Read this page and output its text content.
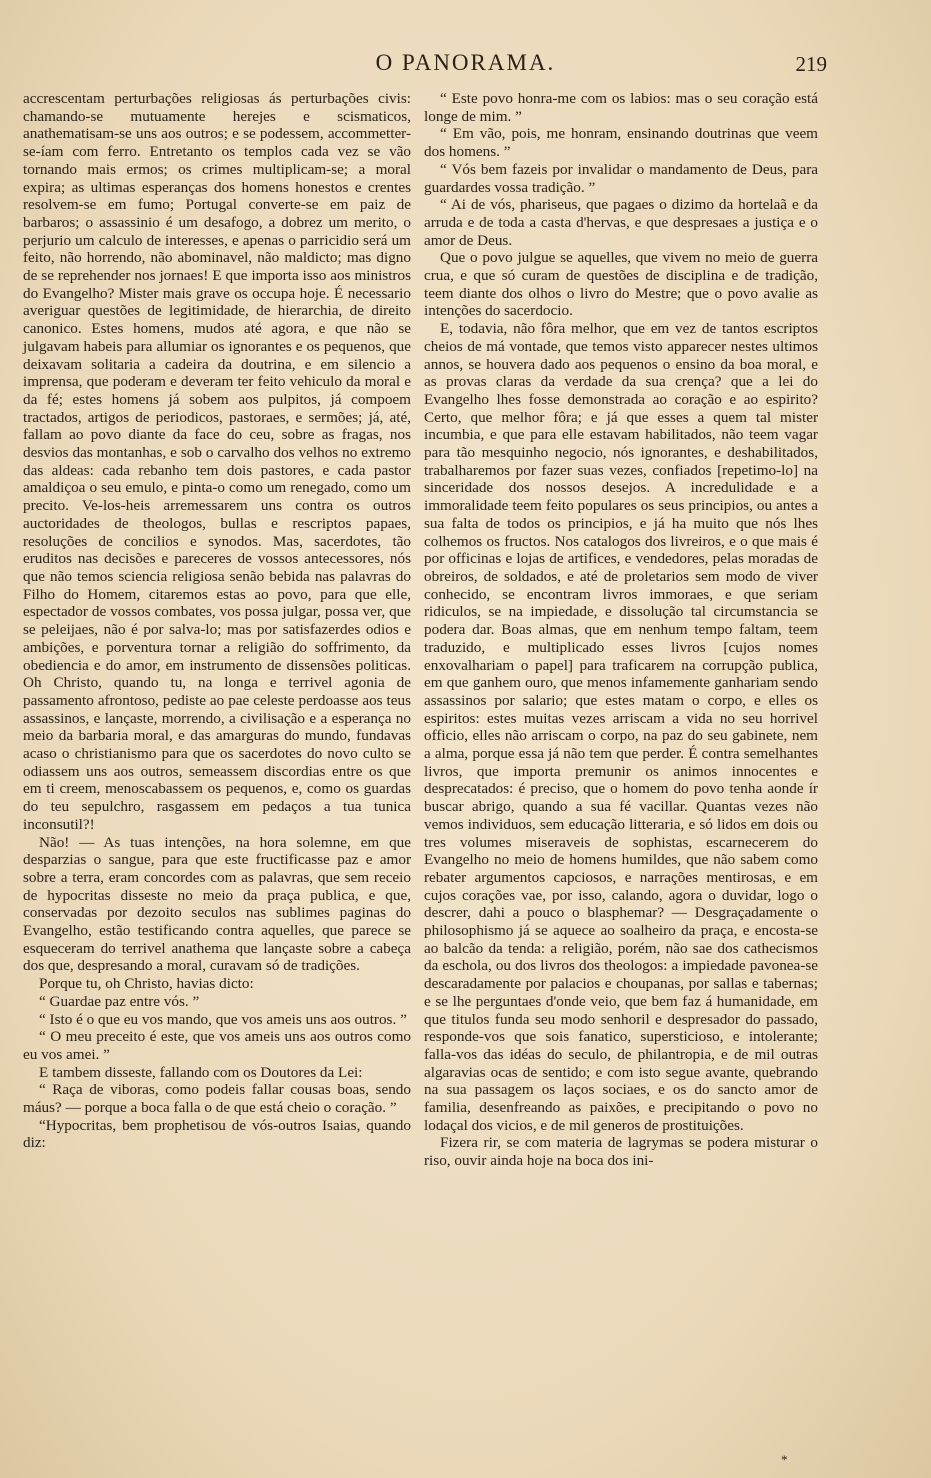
O PANORAMA.	219

accrescentam perturbações religiosas ás perturbações civis: chamando-se mutuamente herejes e scismaticos, anathematisam-se uns aos outros; e se podessem, accommetter-se-íam com ferro. Entretanto os templos cada vez se vão tornando mais ermos; os crimes multiplicam-se; a moral expira; as ultimas esperanças dos homens honestos e crentes resolvem-se em fumo; Portugal converte-se em paiz de barbaros; o assassinio é um desafogo, a dobrez um merito, o perjurio um calculo de interesses, e apenas o parricidio será um feito, não horrendo, não abominavel, não maldicto; mas digno de se reprehender nos jornaes! E que importa isso aos ministros do Evangelho? Mister mais grave os occupa hoje. É necessario averiguar questões de legitimidade, de hierarchia, de direito canonico. Estes homens, mudos até agora, e que não se julgavam habeis para allumiar os ignorantes e os pequenos, que deixavam solitaria a cadeira da doutrina, e em silencio a imprensa, que poderam e deveram ter feito vehiculo da moral e da fé; estes homens já sobem aos pulpitos, já compoem tractados, artigos de periodicos, pastoraes, e sermões; já, até, fallam ao povo diante da face do ceu, sobre as fragas, nos desvios das montanhas, e sob o carvalho dos velhos no extremo das aldeas: cada rebanho tem dois pastores, e cada pastor amaldiçoa o seu emulo, e pinta-o como um renegado, como um precito. Ve-los-heis arremessarem uns contra os outros auctoridades de theologos, bullas e rescriptos papaes, resoluções de concilios e synodos. Mas, sacerdotes, tão eruditos nas decisões e pareceres de vossos antecessores, nós que não temos sciencia religiosa senão bebida nas palavras do Filho do Homem, citaremos estas ao povo, para que elle, espectador de vossos combates, vos possa julgar, possa ver, que se peleijaes, não é por salva-lo; mas por satisfazerdes odios e ambições, e porventura tornar a religião do soffrimento, da obediencia e do amor, em instrumento de dissensões politicas. Oh Christo, quando tu, na longa e terrivel agonia de passamento afrontoso, pediste ao pae celeste perdoasse aos teus assassinos, e lançaste, morrendo, a civilisação e a esperança no meio da barbaria moral, e das amarguras do mundo, fundavas acaso o christianismo para que os sacerdotes do novo culto se odiassem uns aos outros, semeassem discordias entre os que em ti creem, menoscabassem os pequenos, e, como os guardas do teu sepulchro, rasgassem em pedaços a tua tunica inconsutil?!

Não! — As tuas intenções, na hora solemne, em que desparzias o sangue, para que este fructificasse paz e amor sobre a terra, eram concordes com as palavras, que sem receio de hypocritas disseste no meio da praça publica, e que, conservadas por dezoito seculos nas sublimes paginas do Evangelho, estão testificando contra aquelles, que parece se esqueceram do terrivel anathema que lançaste sobre a cabeça dos que, despresando a moral, curavam só de tradições.

Porque tu, oh Christo, havias dicto:

“ Guardae paz entre vós. ”

“ Isto é o que eu vos mando, que vos ameis uns aos outros. ”

“ O meu preceito é este, que vos ameis uns aos outros como eu vos amei. ”

E tambem disseste, fallando com os Doutores da Lei:

“ Raça de viboras, como podeis fallar cousas boas, sendo máus? — porque a boca falla o de que está cheio o coração. ”

“Hypocritas, bem prophetisou de vós-outros Isaias, quando diz:

“ Este povo honra-me com os labios: mas o seu coração está longe de mim. ”

“ Em vão, pois, me honram, ensinando doutrinas que veem dos homens. ”

“ Vós bem fazeis por invalidar o mandamento de Deus, para guardardes vossa tradição. ”

“ Ai de vós, phariseus, que pagaes o dizimo da hortelaã e da arruda e de toda a casta d'hervas, e que despresaes a justiça e o amor de Deus.

Que o povo julgue se aquelles, que vivem no meio de guerra crua, e que só curam de questões de disciplina e de tradição, teem diante dos olhos o livro do Mestre; que o povo avalie as intenções do sacerdocio.

E, todavia, não fôra melhor, que em vez de tantos escriptos cheios de má vontade, que temos visto apparecer nestes ultimos annos, se houvera dado aos pequenos o ensino da boa moral, e as provas claras da verdade da sua crença? que a lei do Evangelho lhes fosse demonstrada ao coração e ao espirito? Certo, que melhor fôra; e já que esses a quem tal mister incumbia, e que para elle estavam habilitados, não teem vagar para tão mesquinho negocio, nós ignorantes, e deshabilitados, trabalharemos por fazer suas vezes, confiados [repetimo-lo] na sinceridade dos nossos desejos. A incredulidade e a immoralidade teem feito populares os seus principios, ou antes a sua falta de todos os principios, e já ha muito que nós lhes colhemos os fructos. Nos catalogos dos livreiros, e o que mais é por officinas e lojas de artifices, e vendedores, pelas moradas de obreiros, de soldados, e até de proletarios sem modo de viver conhecido, se encontram livros immoraes, e que seriam ridiculos, se na impiedade, e dissolução tal circumstancia se podera dar. Boas almas, que em nenhum tempo faltam, teem traduzido, e multiplicado esses livros [cujos nomes enxovalhariam o papel] para traficarem na corrupção publica, em que ganhem ouro, que menos infamemente ganhariam sendo assassinos por salario; que estes matam o corpo, e elles os espiritos: estes muitas vezes arriscam a vida no seu horrivel officio, elles não arriscam o corpo, na paz do seu gabinete, nem a alma, porque essa já não tem que perder. É contra semelhantes livros, que importa premunir os animos innocentes e desprecatados: é preciso, que o homem do povo tenha aonde ír buscar abrigo, quando a sua fé vacillar. Quantas vezes não vemos individuos, sem educação litteraria, e só lidos em dois ou tres volumes miseraveis de sophistas, escarnecerem do Evangelho no meio de homens humildes, que não sabem como rebater argumentos capciosos, e narrações mentirosas, e em cujos corações vae, por isso, calando, agora o duvidar, logo o descrer, dahi a pouco o blasphemar? — Desgraçadamente o philosophismo já se aquece ao soalheiro da praça, e encosta-se ao balcão da tenda: a religião, porém, não sae dos cathecismos da eschola, ou dos livros dos theologos: a impiedade pavonea-se descaradamente por palacios e choupanas, por sallas e tabernas; e se lhe perguntaes d'onde veio, que bem faz á humanidade, em que titulos funda seu modo senhoril e despresador do passado, responde-vos que sois fanatico, supersticioso, e intolerante; falla-vos das idéas do seculo, de philantropia, e de mil outras algaravias ocas de sentido; e com isto segue avante, quebrando na sua passagem os laços sociaes, e os do sancto amor de familia, desenfreando as paixões, e precipitando o povo no lodaçal dos vicios, e de mil generos de prostituições.

Fizera rir, se com materia de lagrymas se podera misturar o riso, ouvir ainda hoje na boca dos ini-

*
